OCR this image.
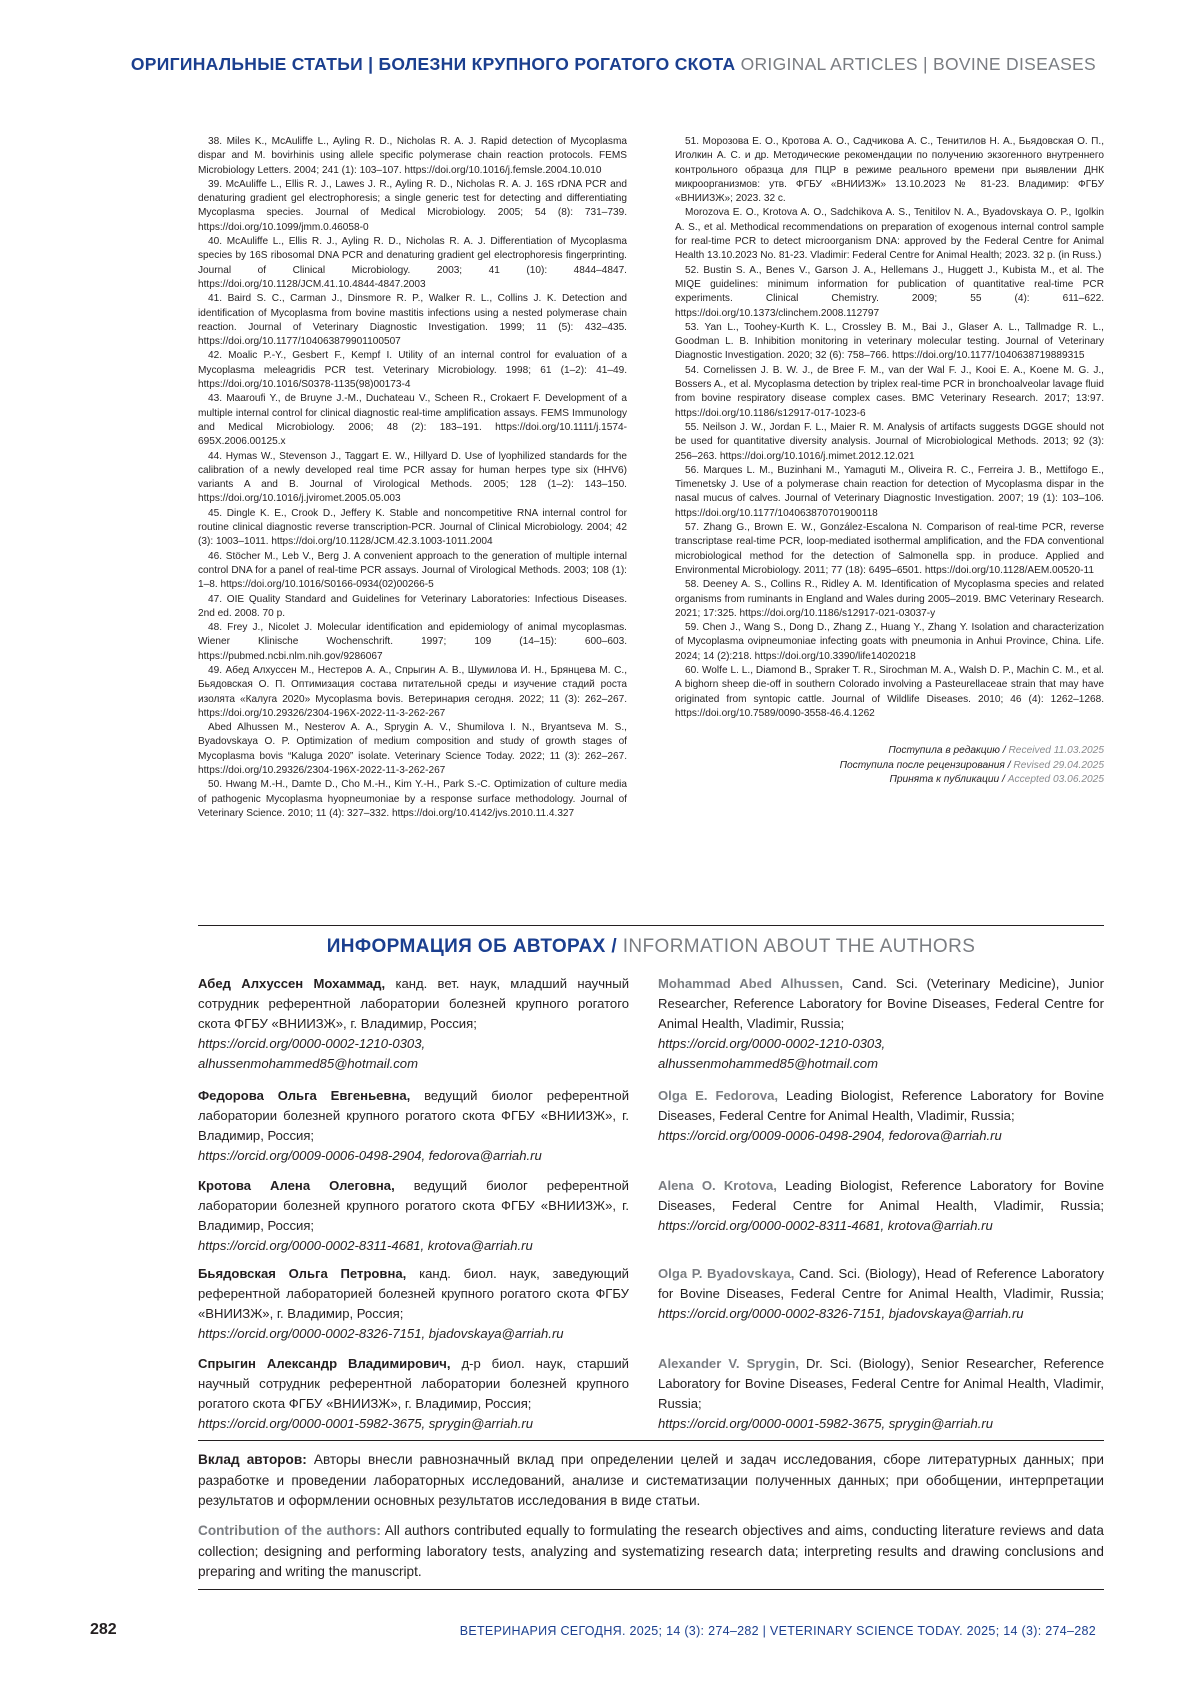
ОРИГИНАЛЬНЫЕ СТАТЬИ | БОЛЕЗНИ КРУПНОГО РОГАТОГО СКОТА ORIGINAL ARTICLES | BOVINE DISEASES

38. Miles K., McAuliffe L., Ayling R. D., Nicholas R. A. J. Rapid detection of Mycoplasma dispar and M. bovirhinis using allele specific polymerase chain reaction protocols. FEMS Microbiology Letters. 2004; 241 (1): 103–107. https://doi.org/10.1016/j.femsle.2004.10.010

39. McAuliffe L., Ellis R. J., Lawes J. R., Ayling R. D., Nicholas R. A. J. 16S rDNA PCR and denaturing gradient gel electrophoresis; a single generic test for detecting and differentiating Mycoplasma species. Journal of Medical Microbiology. 2005; 54 (8): 731–739. https://doi.org/10.1099/jmm.0.46058-0

40. McAuliffe L., Ellis R. J., Ayling R. D., Nicholas R. A. J. Differentiation of Mycoplasma species by 16S ribosomal DNA PCR and denaturing gradient gel electrophoresis fingerprinting. Journal of Clinical Microbiology. 2003; 41 (10): 4844–4847. https://doi.org/10.1128/JCM.41.10.4844-4847.2003

41. Baird S. C., Carman J., Dinsmore R. P., Walker R. L., Collins J. K. Detection and identification of Mycoplasma from bovine mastitis infections using a nested polymerase chain reaction. Journal of Veterinary Diagnostic Investigation. 1999; 11 (5): 432–435. https://doi.org/10.1177/104063879901100507

42. Moalic P.-Y., Gesbert F., Kempf I. Utility of an internal control for evaluation of a Mycoplasma meleagridis PCR test. Veterinary Microbiology. 1998; 61 (1–2): 41–49. https://doi.org/10.1016/S0378-1135(98)00173-4

43. Maaroufi Y., de Bruyne J.-M., Duchateau V., Scheen R., Crokaert F. Development of a multiple internal control for clinical diagnostic real-time amplification assays. FEMS Immunology and Medical Microbiology. 2006; 48 (2): 183–191. https://doi.org/10.1111/j.1574-695X.2006.00125.x

44. Hymas W., Stevenson J., Taggart E. W., Hillyard D. Use of lyophilized standards for the calibration of a newly developed real time PCR assay for human herpes type six (HHV6) variants A and B. Journal of Virological Methods. 2005; 128 (1–2): 143–150. https://doi.org/10.1016/j.jviromet.2005.05.003

45. Dingle K. E., Crook D., Jeffery K. Stable and noncompetitive RNA internal control for routine clinical diagnostic reverse transcription-PCR. Journal of Clinical Microbiology. 2004; 42 (3): 1003–1011. https://doi.org/10.1128/JCM.42.3.1003-1011.2004

46. Stöcher M., Leb V., Berg J. A convenient approach to the generation of multiple internal control DNA for a panel of real-time PCR assays. Journal of Virological Methods. 2003; 108 (1): 1–8. https://doi.org/10.1016/S0166-0934(02)00266-5

47. OIE Quality Standard and Guidelines for Veterinary Laboratories: Infectious Diseases. 2nd ed. 2008. 70 p.

48. Frey J., Nicolet J. Molecular identification and epidemiology of animal mycoplasmas. Wiener Klinische Wochenschrift. 1997; 109 (14–15): 600–603. https://pubmed.ncbi.nlm.nih.gov/9286067

49. Абед Алхуссен М., Нестеров А. А., Спрыгин А. В., Шумилова И. Н., Брянцева М. С., Бьядовская О. П. Оптимизация состава питательной среды и изучение стадий роста изолята «Калуга 2020» Mycoplasma bovis. Ветеринария сегодня. 2022; 11 (3): 262–267. https://doi.org/10.29326/2304-196X-2022-11-3-262-267

Abed Alhussen M., Nesterov A. A., Sprygin A. V., Shumilova I. N., Bryantseva M. S., Byadovskaya O. P. Optimization of medium composition and study of growth stages of Mycoplasma bovis “Kaluga 2020” isolate. Veterinary Science Today. 2022; 11 (3): 262–267. https://doi.org/10.29326/2304-196X-2022-11-3-262-267

50. Hwang M.-H., Damte D., Cho M.-H., Kim Y.-H., Park S.-C. Optimization of culture media of pathogenic Mycoplasma hyopneumoniae by a response surface methodology. Journal of Veterinary Science. 2010; 11 (4): 327–332. https://doi.org/10.4142/jvs.2010.11.4.327

51. Морозова Е. О., Кротова А. О., Садчикова А. С., Тенитилов Н. А., Бьядовская О. П., Иголкин А. С. и др. Методические рекомендации по получению экзогенного внутреннего контрольного образца для ПЦР в режиме реального времени при выявлении ДНК микроорганизмов: утв. ФГБУ «ВНИИЗЖ» 13.10.2023 № 81-23. Владимир: ФГБУ «ВНИИЗЖ»; 2023. 32 с.

Morozova E. O., Krotova A. O., Sadchikova A. S., Tenitilov N. A., Byadovskaya O. P., Igolkin A. S., et al. Methodical recommendations on preparation of exogenous internal control sample for real-time PCR to detect microorganism DNA: approved by the Federal Centre for Animal Health 13.10.2023 No. 81-23. Vladimir: Federal Centre for Animal Health; 2023. 32 p. (in Russ.)

52. Bustin S. A., Benes V., Garson J. A., Hellemans J., Huggett J., Kubista M., et al. The MIQE guidelines: minimum information for publication of quantitative real-time PCR experiments. Clinical Chemistry. 2009; 55 (4): 611–622. https://doi.org/10.1373/clinchem.2008.112797

53. Yan L., Toohey-Kurth K. L., Crossley B. M., Bai J., Glaser A. L., Tallmadge R. L., Goodman L. B. Inhibition monitoring in veterinary molecular testing. Journal of Veterinary Diagnostic Investigation. 2020; 32 (6): 758–766. https://doi.org/10.1177/1040638719889315

54. Cornelissen J. B. W. J., de Bree F. M., van der Wal F. J., Kooi E. A., Koene M. G. J., Bossers A., et al. Mycoplasma detection by triplex real-time PCR in bronchoalveolar lavage fluid from bovine respiratory disease complex cases. BMC Veterinary Research. 2017; 13:97. https://doi.org/10.1186/s12917-017-1023-6

55. Neilson J. W., Jordan F. L., Maier R. M. Analysis of artifacts suggests DGGE should not be used for quantitative diversity analysis. Journal of Microbiological Methods. 2013; 92 (3): 256–263. https://doi.org/10.1016/j.mimet.2012.12.021

56. Marques L. M., Buzinhani M., Yamaguti M., Oliveira R. C., Ferreira J. B., Mettifogo E., Timenetsky J. Use of a polymerase chain reaction for detection of Mycoplasma dispar in the nasal mucus of calves. Journal of Veterinary Diagnostic Investigation. 2007; 19 (1): 103–106. https://doi.org/10.1177/104063870701900118

57. Zhang G., Brown E. W., González-Escalona N. Comparison of real-time PCR, reverse transcriptase real-time PCR, loop-mediated isothermal amplification, and the FDA conventional microbiological method for the detection of Salmonella spp. in produce. Applied and Environmental Microbiology. 2011; 77 (18): 6495–6501. https://doi.org/10.1128/AEM.00520-11

58. Deeney A. S., Collins R., Ridley A. M. Identification of Mycoplasma species and related organisms from ruminants in England and Wales during 2005–2019. BMC Veterinary Research. 2021; 17:325. https://doi.org/10.1186/s12917-021-03037-y

59. Chen J., Wang S., Dong D., Zhang Z., Huang Y., Zhang Y. Isolation and characterization of Mycoplasma ovipneumoniae infecting goats with pneumonia in Anhui Province, China. Life. 2024; 14 (2):218. https://doi.org/10.3390/life14020218

60. Wolfe L. L., Diamond B., Spraker T. R., Sirochman M. A., Walsh D. P., Machin C. M., et al. A bighorn sheep die-off in southern Colorado involving a Pasteurellaceae strain that may have originated from syntopic cattle. Journal of Wildlife Diseases. 2010; 46 (4): 1262–1268. https://doi.org/10.7589/0090-3558-46.4.1262

Поступила в редакцию / Received 11.03.2025
Поступила после рецензирования / Revised 29.04.2025
Принята к публикации / Accepted 03.06.2025
ИНФОРМАЦИЯ ОБ АВТОРАХ / INFORMATION ABOUT THE AUTHORS
Абед Алхуссен Мохаммад, канд. вет. наук, младший научный сотрудник референтной лаборатории болезней крупного рогатого скота ФГБУ «ВНИИЗЖ», г. Владимир, Россия;
https://orcid.org/0000-0002-1210-0303, alhussenmohammed85@hotmail.com
Mohammad Abed Alhussen, Cand. Sci. (Veterinary Medicine), Junior Researcher, Reference Laboratory for Bovine Diseases, Federal Centre for Animal Health, Vladimir, Russia;
https://orcid.org/0000-0002-1210-0303, alhussenmohammed85@hotmail.com
Федорова Ольга Евгеньевна, ведущий биолог референтной лаборатории болезней крупного рогатого скота ФГБУ «ВНИИЗЖ», г. Владимир, Россия;
https://orcid.org/0009-0006-0498-2904, fedorova@arriah.ru
Olga E. Fedorova, Leading Biologist, Reference Laboratory for Bovine Diseases, Federal Centre for Animal Health, Vladimir, Russia;
https://orcid.org/0009-0006-0498-2904, fedorova@arriah.ru
Кротова Алена Олеговна, ведущий биолог референтной лаборатории болезней крупного рогатого скота ФГБУ «ВНИИЗЖ», г. Владимир, Россия;
https://orcid.org/0000-0002-8311-4681, krotova@arriah.ru
Alena O. Krotova, Leading Biologist, Reference Laboratory for Bovine Diseases, Federal Centre for Animal Health, Vladimir, Russia; https://orcid.org/0000-0002-8311-4681, krotova@arriah.ru
Бьядовская Ольга Петровна, канд. биол. наук, заведующий референтной лабораторией болезней крупного рогатого скота ФГБУ «ВНИИЗЖ», г. Владимир, Россия;
https://orcid.org/0000-0002-8326-7151, bjadovskaya@arriah.ru
Olga P. Byadovskaya, Cand. Sci. (Biology), Head of Reference Laboratory for Bovine Diseases, Federal Centre for Animal Health, Vladimir, Russia; https://orcid.org/0000-0002-8326-7151, bjadovskaya@arriah.ru
Спрыгин Александр Владимирович, д-р биол. наук, старший научный сотрудник референтной лаборатории болезней крупного рогатого скота ФГБУ «ВНИИЗЖ», г. Владимир, Россия;
https://orcid.org/0000-0001-5982-3675, sprygin@arriah.ru
Alexander V. Sprygin, Dr. Sci. (Biology), Senior Researcher, Reference Laboratory for Bovine Diseases, Federal Centre for Animal Health, Vladimir, Russia;
https://orcid.org/0000-0001-5982-3675, sprygin@arriah.ru
Вклад авторов: Авторы внесли равнозначный вклад при определении целей и задач исследования, сборе литературных данных; при разработке и проведении лабораторных исследований, анализе и систематизации полученных данных; при обобщении, интерпретации результатов и оформлении основных результатов исследования в виде статьи.
Contribution of the authors: All authors contributed equally to formulating the research objectives and aims, conducting literature reviews and data collection; designing and performing laboratory tests, analyzing and systematizing research data; interpreting results and drawing conclusions and preparing and writing the manuscript.
282	ВЕТЕРИНАРИЯ СЕГОДНЯ. 2025; 14 (3): 274–282 | VETERINARY SCIENCE TODAY. 2025; 14 (3): 274–282
